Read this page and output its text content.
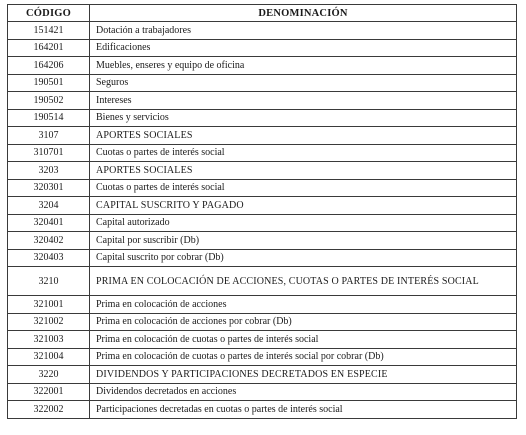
CÓDIGO	DENOMINACIÓN
151421	Dotación a trabajadores
164201	Edificaciones
164206	Muebles, enseres y equipo de oficina
190501	Seguros
190502	Intereses
190514	Bienes y servicios
3107	APORTES SOCIALES
310701	Cuotas o partes de interés social
3203	APORTES SOCIALES
320301	Cuotas o partes de interés social
3204	CAPITAL SUSCRITO Y PAGADO
320401	Capital autorizado
320402	Capital por suscribir (Db)
320403	Capital suscrito por cobrar (Db)
3210	PRIMA EN COLOCACIÓN DE ACCIONES, CUOTAS O PARTES DE INTERÉS SOCIAL
321001	Prima en colocación de acciones
321002	Prima en colocación de acciones por cobrar (Db)
321003	Prima en colocación de cuotas o partes de interés social
321004	Prima en colocación de cuotas o partes de interés social por cobrar (Db)
3220	DIVIDENDOS Y PARTICIPACIONES DECRETADOS EN ESPECIE
322001	Dividendos decretados en acciones
322002	Participaciones decretadas en cuotas o partes de interés social
